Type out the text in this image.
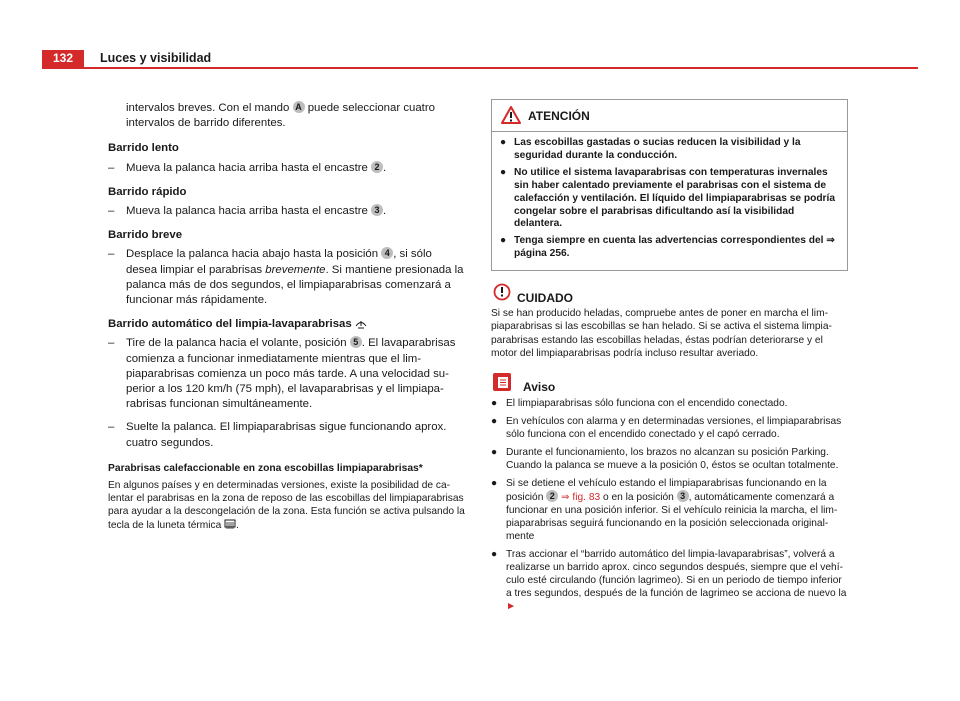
132	Luces y visibilidad

intervalos breves. Con el mando A puede seleccionar cuatro intervalos de barrido diferentes.

Barrido lento

– Mueva la palanca hacia arriba hasta el encastre 2 .

Barrido rápido

– Mueva la palanca hacia arriba hasta el encastre 3 .

Barrido breve

– Desplace la palanca hacia abajo hasta la posición 4 , si sólo desea limpiar el parabrisas brevemente. Si mantiene presionada la palanca más de dos segundos, el limpiaparabrisas comenzará a funcionar más rápidamente.

Barrido automático del limpia-lavaparabrisas

– Tire de la palanca hacia el volante, posición 5 . El lavaparabrisas comienza a funcionar inmediatamente mientras que el limpiaparabrisas comienza un poco más tarde. A una velocidad superior a los 120 km/h (75 mph), el lavaparabrisas y el limpiaparabrisas funcionan simultáneamente.
– Suelte la palanca. El limpiaparabrisas sigue funcionando aprox. cuatro segundos.

Parabrisas calefaccionable en zona escobillas limpiaparabrisas*

En algunos países y en determinadas versiones, existe la posibilidad de calentar el parabrisas en la zona de reposo de las escobillas del limpiaparabrisas para ayudar a la descongelación de la zona. Esta función se activa pulsando la tecla de la luneta térmica .

ATENCIÓN
● Las escobillas gastadas o sucias reducen la visibilidad y la seguridad durante la conducción.
● No utilice el sistema lavaparabrisas con temperaturas invernales sin haber calentado previamente el parabrisas con el sistema de calefacción y ventilación. El líquido del limpiaparabrisas se podría congelar sobre el parabrisas dificultando así la visibilidad delantera.
● Tenga siempre en cuenta las advertencias correspondientes del ⇒ página 256.
CUIDADO

Si se han producido heladas, compruebe antes de poner en marcha el limpiaparabrisas si las escobillas se han helado. Si se activa el sistema limpiaparabrisas estando las escobillas heladas, éstas podrían deteriorarse y el motor del limpiaparabrisas podría incluso resultar averiado.

Aviso
● El limpiaparabrisas sólo funciona con el encendido conectado.
● En vehículos con alarma y en determinadas versiones, el limpiaparabrisas sólo funciona con el encendido conectado y el capó cerrado.
● Durante el funcionamiento, los brazos no alcanzan su posición Parking. Cuando la palanca se mueve a la posición 0, éstos se ocultan totalmente.
● Si se detiene el vehículo estando el limpiaparabrisas funcionando en la posición 2 ⇒ fig. 83 o en la posición 3 , automáticamente comenzará a funcionar en una posición inferior. Si el vehículo reinicia la marcha, el limpiaparabrisas seguirá funcionando en la posición seleccionada originalmente
● Tras accionar el “barrido automático del limpia-lavaparabrisas”, volverá a realizarse un barrido aprox. cinco segundos después, siempre que el vehículo esté circulando (función lagrimeo). Si en un periodo de tiempo inferior a tres segundos, después de la función de lagrimeo se acciona de nuevo la ►
